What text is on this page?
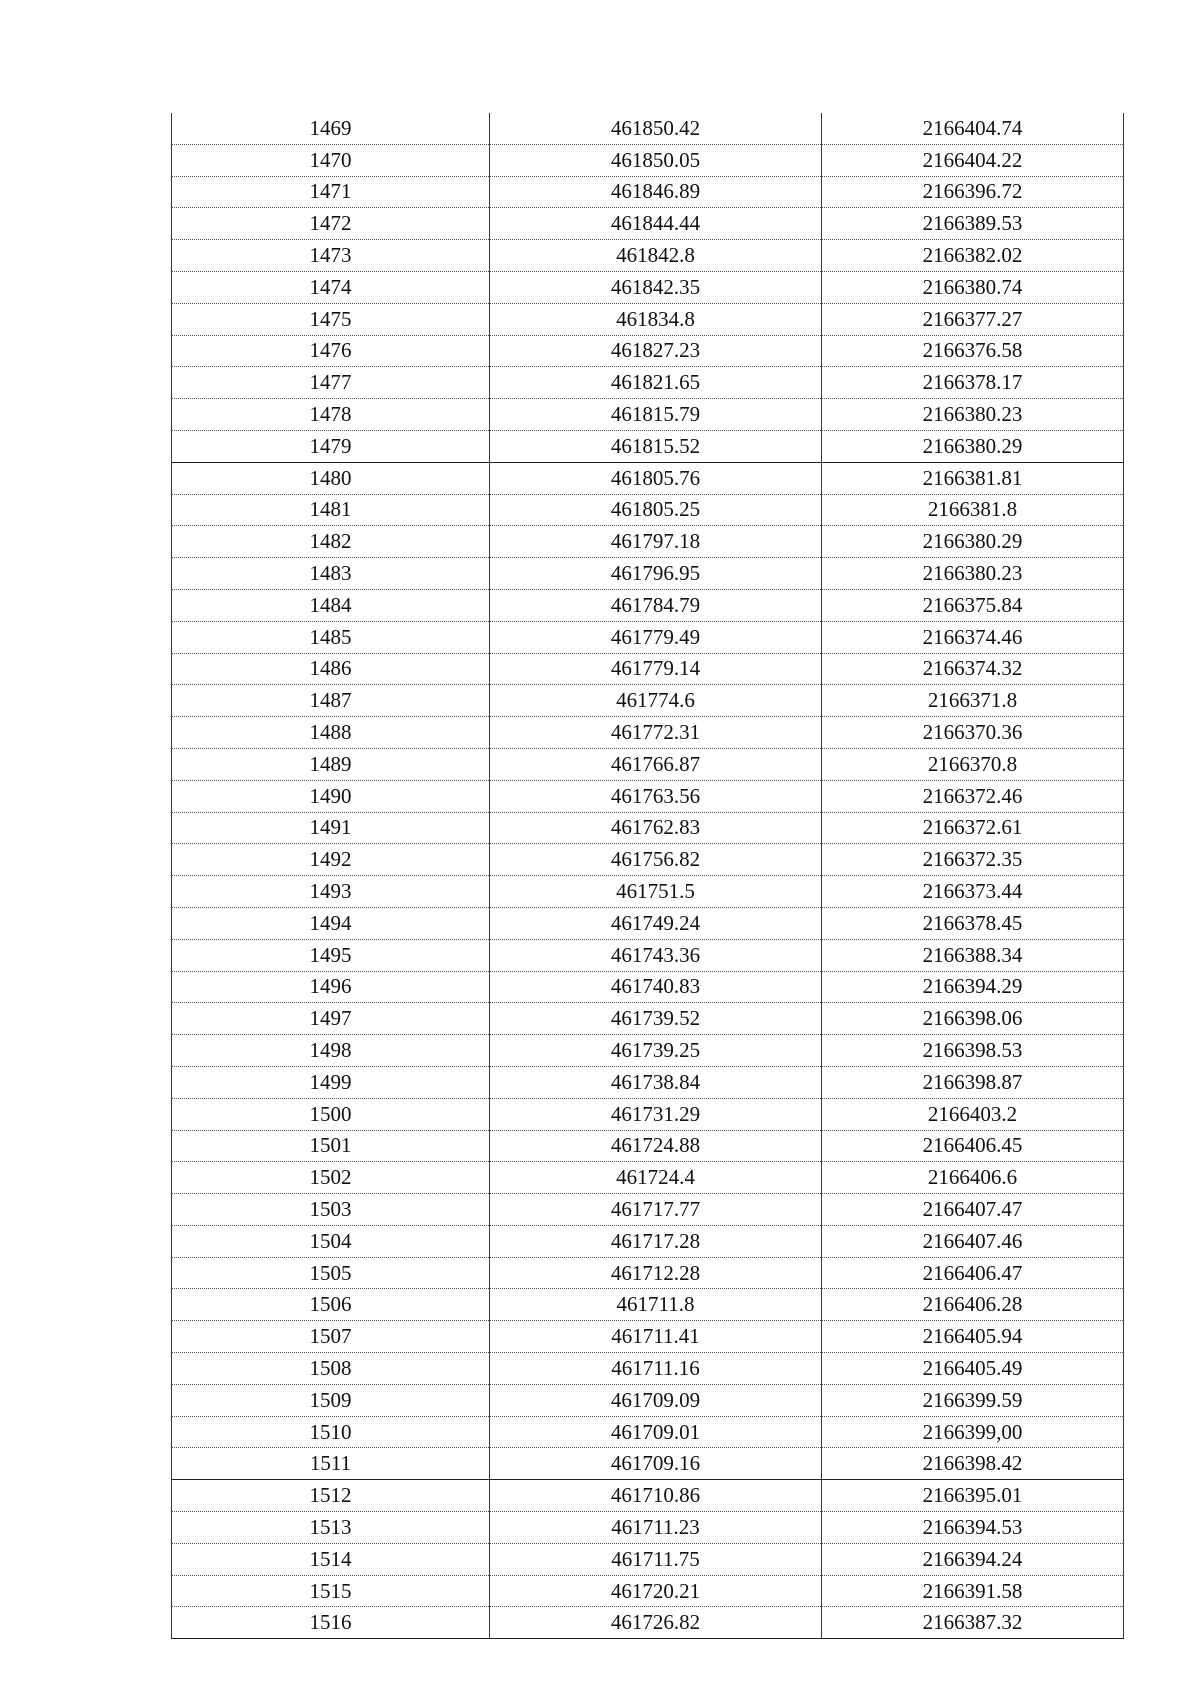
1469	461850.42	2166404.74
1470	461850.05	2166404.22
1471	461846.89	2166396.72
1472	461844.44	2166389.53
1473	461842.8	2166382.02
1474	461842.35	2166380.74
1475	461834.8	2166377.27
1476	461827.23	2166376.58
1477	461821.65	2166378.17
1478	461815.79	2166380.23
1479	461815.52	2166380.29
1480	461805.76	2166381.81
1481	461805.25	2166381.8
1482	461797.18	2166380.29
1483	461796.95	2166380.23
1484	461784.79	2166375.84
1485	461779.49	2166374.46
1486	461779.14	2166374.32
1487	461774.6	2166371.8
1488	461772.31	2166370.36
1489	461766.87	2166370.8
1490	461763.56	2166372.46
1491	461762.83	2166372.61
1492	461756.82	2166372.35
1493	461751.5	2166373.44
1494	461749.24	2166378.45
1495	461743.36	2166388.34
1496	461740.83	2166394.29
1497	461739.52	2166398.06
1498	461739.25	2166398.53
1499	461738.84	2166398.87
1500	461731.29	2166403.2
1501	461724.88	2166406.45
1502	461724.4	2166406.6
1503	461717.77	2166407.47
1504	461717.28	2166407.46
1505	461712.28	2166406.47
1506	461711.8	2166406.28
1507	461711.41	2166405.94
1508	461711.16	2166405.49
1509	461709.09	2166399.59
1510	461709.01	2166399,00
1511	461709.16	2166398.42
1512	461710.86	2166395.01
1513	461711.23	2166394.53
1514	461711.75	2166394.24
1515	461720.21	2166391.58
1516	461726.82	2166387.32
